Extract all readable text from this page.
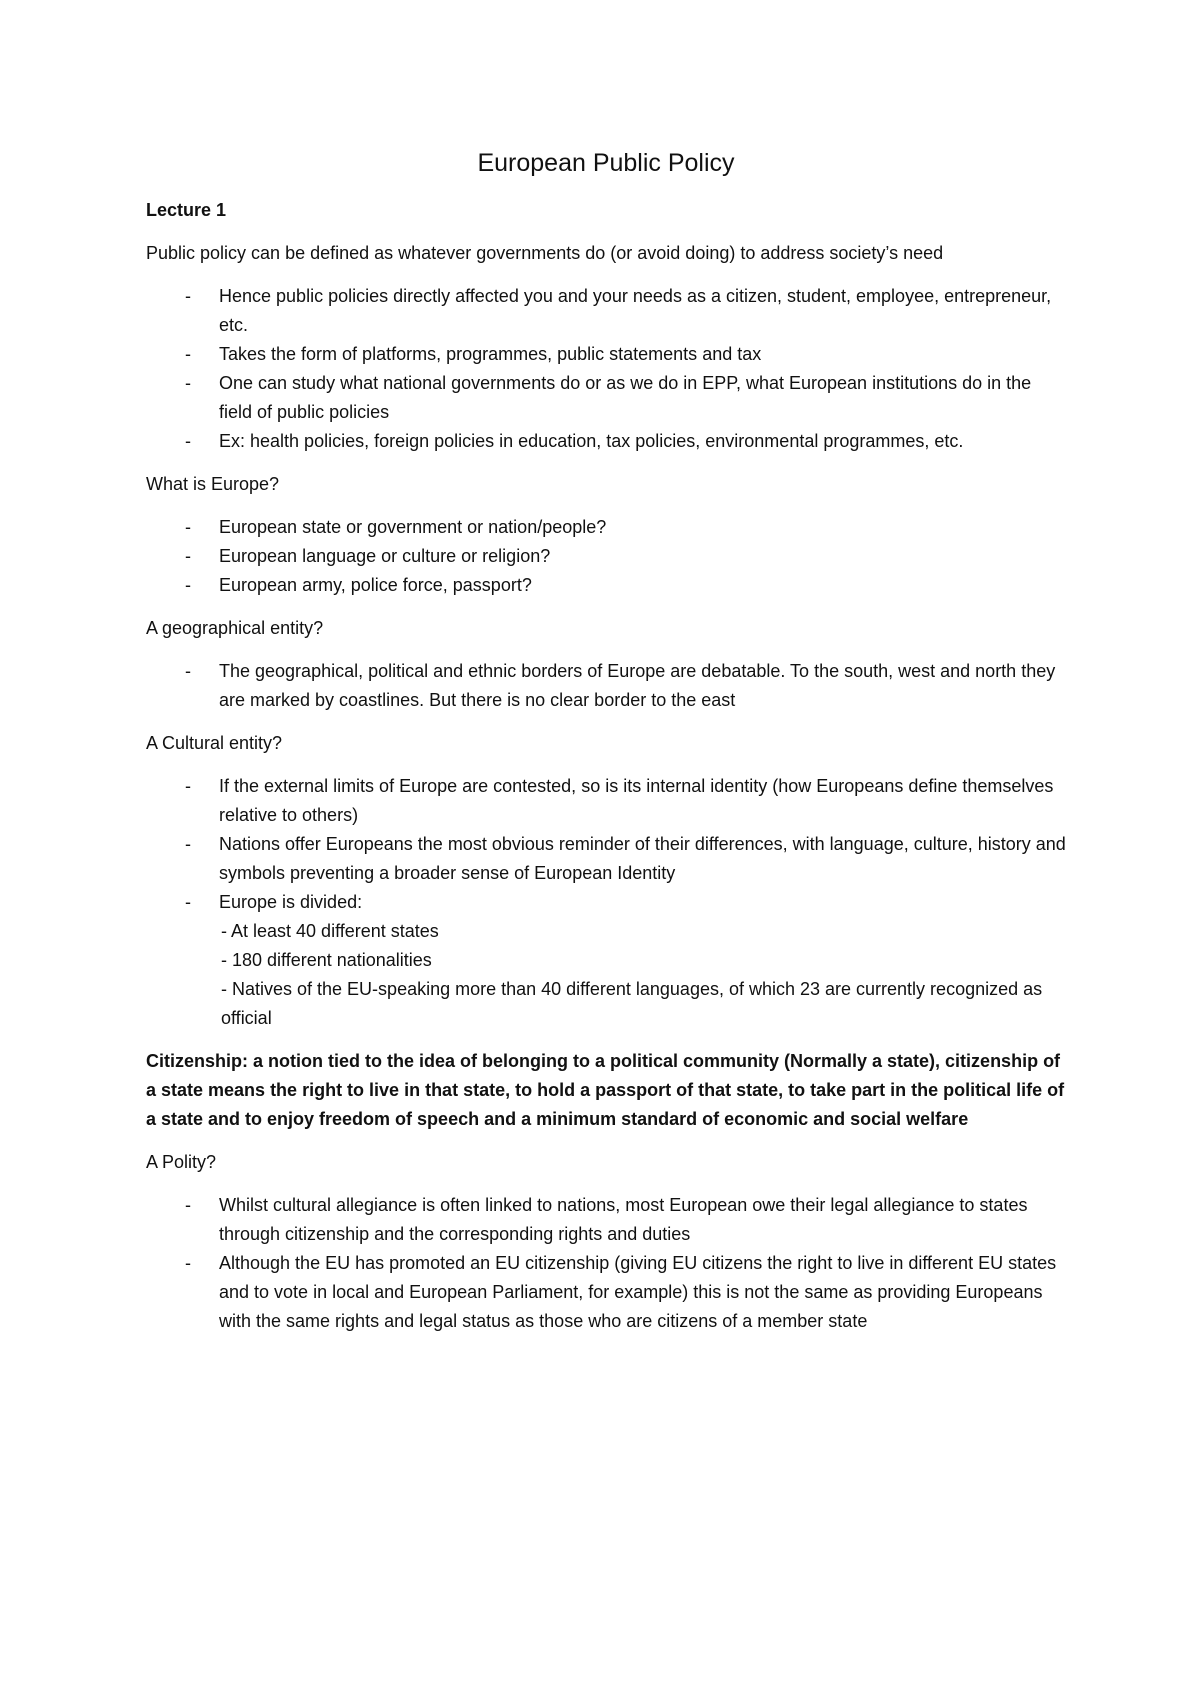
European Public Policy
Lecture 1
Public policy can be defined as whatever governments do (or avoid doing) to address society’s need
- Hence public policies directly affected you and your needs as a citizen, student, employee, entrepreneur, etc.
- Takes the form of platforms, programmes, public statements and tax
- One can study what national governments do or as we do in EPP, what European institutions do in the field of public policies
- Ex: health policies, foreign policies in education, tax policies, environmental programmes, etc.
What is Europe?
- European state or government or nation/people?
- European language or culture or religion?
- European army, police force, passport?
A geographical entity?
- The geographical, political and ethnic borders of Europe are debatable. To the south, west and north they are marked by coastlines. But there is no clear border to the east
A Cultural entity?
- If the external limits of Europe are contested, so is its internal identity (how Europeans define themselves relative to others)
- Nations offer Europeans the most obvious reminder of their differences, with language, culture, history and symbols preventing a broader sense of European Identity
- Europe is divided:
- At least 40 different states
- 180 different nationalities
- Natives of the EU-speaking more than 40 different languages, of which 23 are currently recognized as official
Citizenship: a notion tied to the idea of belonging to a political community (Normally a state), citizenship of a state means the right to live in that state, to hold a passport of that state, to take part in the political life of a state and to enjoy freedom of speech and a minimum standard of economic and social welfare
A Polity?
- Whilst cultural allegiance is often linked to nations, most European owe their legal allegiance to states through citizenship and the corresponding rights and duties
- Although the EU has promoted an EU citizenship (giving EU citizens the right to live in different EU states and to vote in local and European Parliament, for example) this is not the same as providing Europeans with the same rights and legal status as those who are citizens of a member state
